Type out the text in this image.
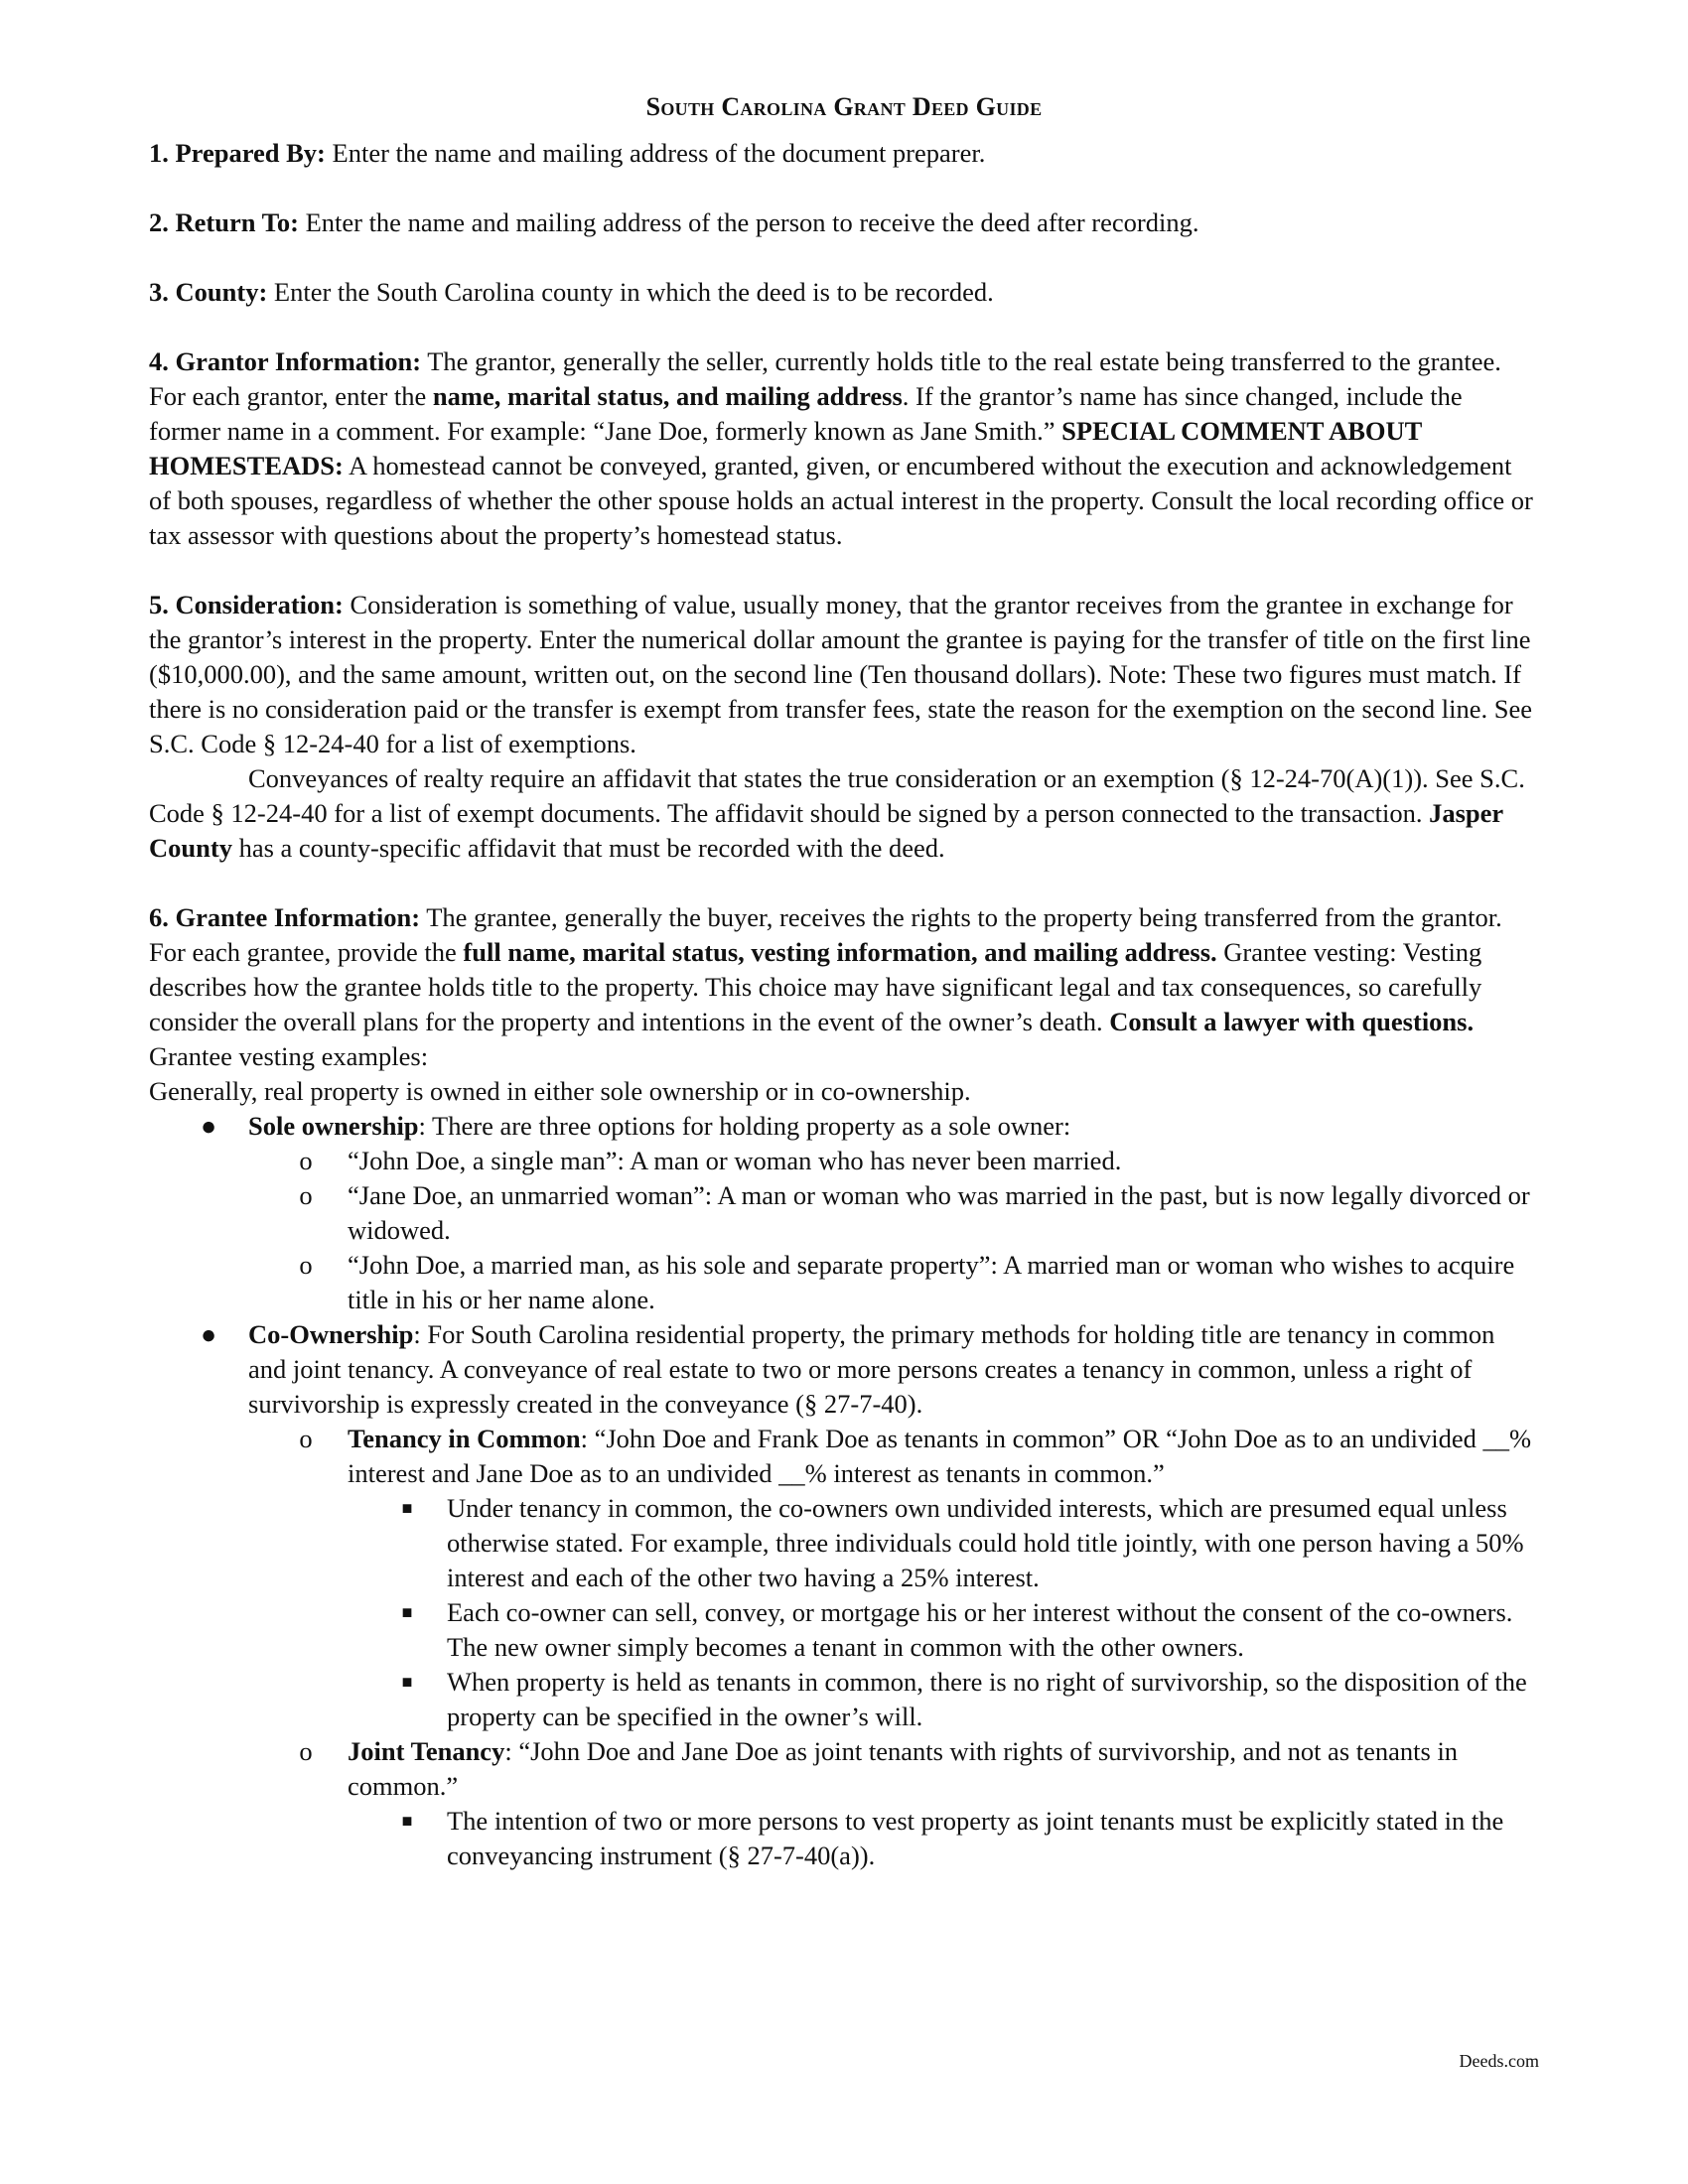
South Carolina Grant Deed Guide

1. Prepared By: Enter the name and mailing address of the document preparer.

2. Return To: Enter the name and mailing address of the person to receive the deed after recording.

3. County: Enter the South Carolina county in which the deed is to be recorded.

4. Grantor Information: The grantor, generally the seller, currently holds title to the real estate being transferred to the grantee. For each grantor, enter the name, marital status, and mailing address. If the grantor’s name has since changed, include the former name in a comment. For example: “Jane Doe, formerly known as Jane Smith.” SPECIAL COMMENT ABOUT HOMESTEADS: A homestead cannot be conveyed, granted, given, or encumbered without the execution and acknowledgement of both spouses, regardless of whether the other spouse holds an actual interest in the property. Consult the local recording office or tax assessor with questions about the property’s homestead status.

5. Consideration: Consideration is something of value, usually money, that the grantor receives from the grantee in exchange for the grantor’s interest in the property. Enter the numerical dollar amount the grantee is paying for the transfer of title on the first line ($10,000.00), and the same amount, written out, on the second line (Ten thousand dollars). Note: These two figures must match. If there is no consideration paid or the transfer is exempt from transfer fees, state the reason for the exemption on the second line. See S.C. Code § 12-24-40 for a list of exemptions.

Conveyances of realty require an affidavit that states the true consideration or an exemption (§ 12-24-70(A)(1)). See S.C. Code § 12-24-40 for a list of exempt documents. The affidavit should be signed by a person connected to the transaction. Jasper County has a county-specific affidavit that must be recorded with the deed.

6. Grantee Information: The grantee, generally the buyer, receives the rights to the property being transferred from the grantor. For each grantee, provide the full name, marital status, vesting information, and mailing address. Grantee vesting: Vesting describes how the grantee holds title to the property. This choice may have significant legal and tax consequences, so carefully consider the overall plans for the property and intentions in the event of the owner’s death. Consult a lawyer with questions.

Grantee vesting examples:

Generally, real property is owned in either sole ownership or in co-ownership.

● Sole ownership: There are three options for holding property as a sole owner:
o “John Doe, a single man”: A man or woman who has never been married.
o “Jane Doe, an unmarried woman”: A man or woman who was married in the past, but is now legally divorced or widowed.
o “John Doe, a married man, as his sole and separate property”: A married man or woman who wishes to acquire title in his or her name alone.
● Co-Ownership: For South Carolina residential property, the primary methods for holding title are tenancy in common and joint tenancy. A conveyance of real estate to two or more persons creates a tenancy in common, unless a right of survivorship is expressly created in the conveyance (§ 27-7-40).
o Tenancy in Common: “John Doe and Frank Doe as tenants in common” OR “John Doe as to an undivided __% interest and Jane Doe as to an undivided __% interest as tenants in common.”
■ Under tenancy in common, the co-owners own undivided interests, which are presumed equal unless otherwise stated. For example, three individuals could hold title jointly, with one person having a 50% interest and each of the other two having a 25% interest.
■ Each co-owner can sell, convey, or mortgage his or her interest without the consent of the co-owners. The new owner simply becomes a tenant in common with the other owners.
■ When property is held as tenants in common, there is no right of survivorship, so the disposition of the property can be specified in the owner’s will.
o Joint Tenancy: “John Doe and Jane Doe as joint tenants with rights of survivorship, and not as tenants in common.”
■ The intention of two or more persons to vest property as joint tenants must be explicitly stated in the conveyancing instrument (§ 27-7-40(a)).
Deeds.com
